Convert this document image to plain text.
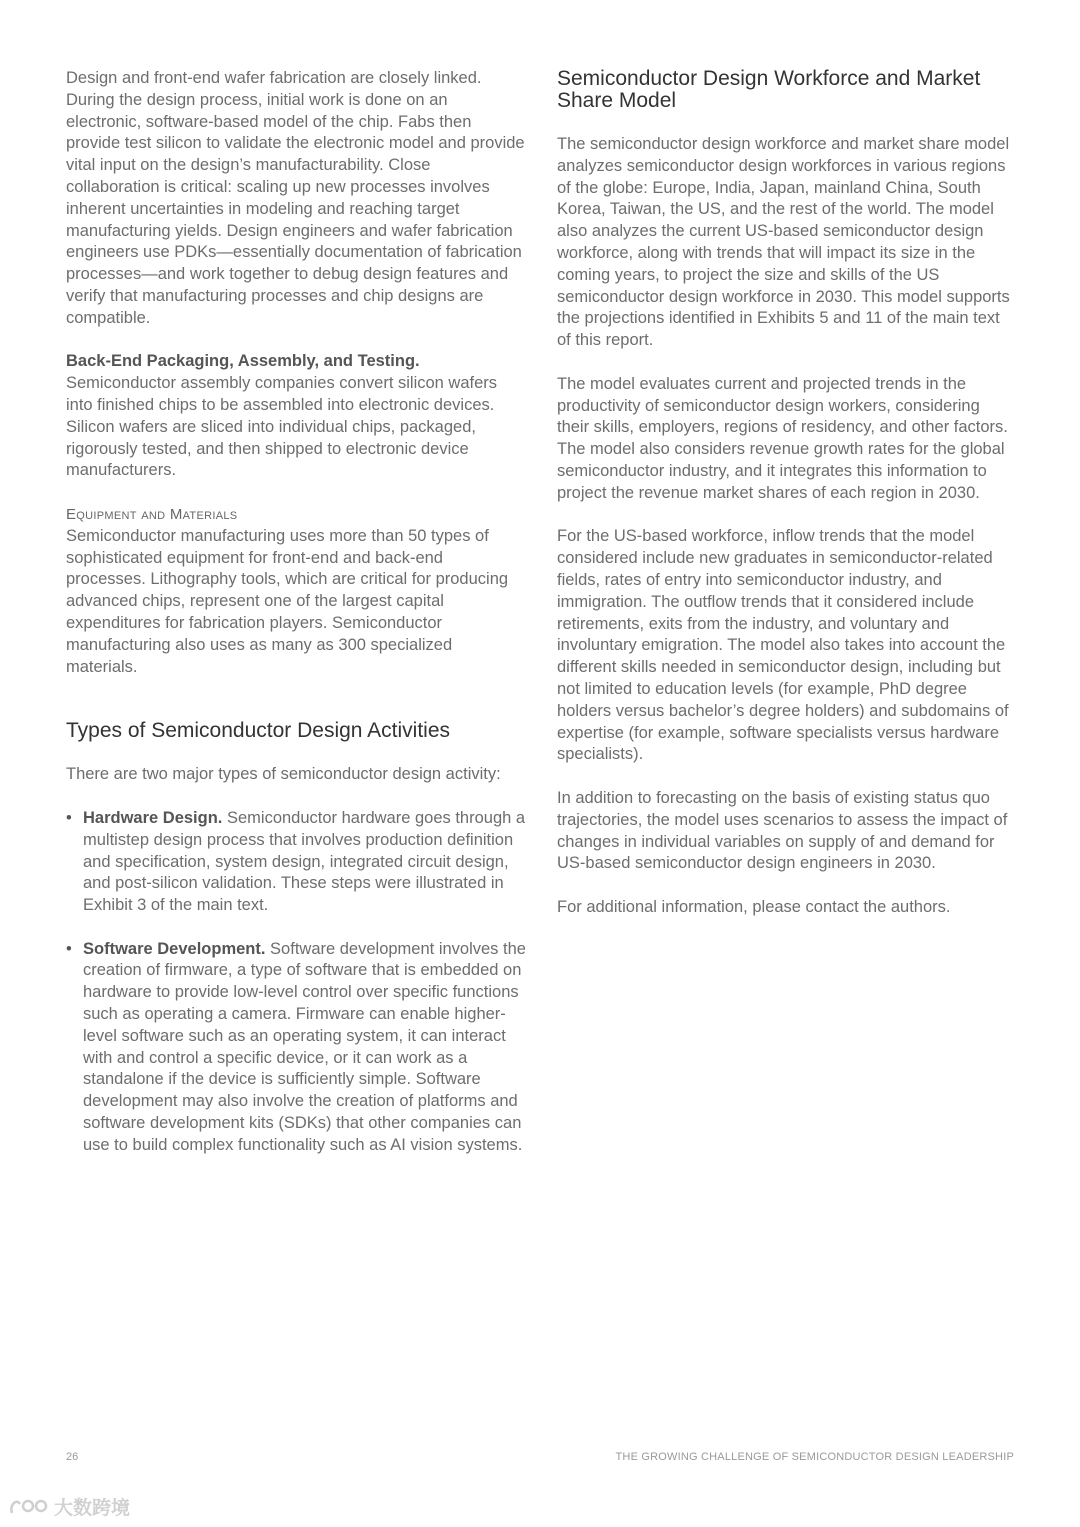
Design and front-end wafer fabrication are closely linked. During the design process, initial work is done on an electronic, software-based model of the chip. Fabs then provide test silicon to validate the electronic model and provide vital input on the design’s manufacturability. Close collaboration is critical: scaling up new processes involves inherent uncertainties in modeling and reaching target manufacturing yields. Design engineers and wafer fabrication engineers use PDKs—essentially documentation of fabrication processes—and work together to debug design features and verify that manufacturing processes and chip designs are compatible.

Back-End Packaging, Assembly, and Testing. Semiconductor assembly companies convert silicon wafers into finished chips to be assembled into electronic devices. Silicon wafers are sliced into individual chips, packaged, rigorously tested, and then shipped to electronic device manufacturers.

Equipment and Materials

Semiconductor manufacturing uses more than 50 types of sophisticated equipment for front-end and back-end processes. Lithography tools, which are critical for producing advanced chips, represent one of the largest capital expenditures for fabrication players. Semiconductor manufacturing also uses as many as 300 specialized materials.

Types of Semiconductor Design Activities

There are two major types of semiconductor design activity:

• Hardware Design. Semiconductor hardware goes through a multistep design process that involves production definition and specification, system design, integrated circuit design, and post-silicon validation. These steps were illustrated in Exhibit 3 of the main text.
• Software Development. Software development involves the creation of firmware, a type of software that is embedded on hardware to provide low-level control over specific functions such as operating a camera. Firmware can enable higher-level software such as an operating system, it can interact with and control a specific device, or it can work as a standalone if the device is sufficiently simple. Software development may also involve the creation of platforms and software development kits (SDKs) that other companies can use to build complex functionality such as AI vision systems.
Semiconductor Design Workforce and Market Share Model

The semiconductor design workforce and market share model analyzes semiconductor design workforces in various regions of the globe: Europe, India, Japan, mainland China, South Korea, Taiwan, the US, and the rest of the world. The model also analyzes the current US-based semiconductor design workforce, along with trends that will impact its size in the coming years, to project the size and skills of the US semiconductor design workforce in 2030. This model supports the projections identified in Exhibits 5 and 11 of the main text of this report.

The model evaluates current and projected trends in the productivity of semiconductor design workers, considering their skills, employers, regions of residency, and other factors. The model also considers revenue growth rates for the global semiconductor industry, and it integrates this information to project the revenue market shares of each region in 2030.

For the US-based workforce, inflow trends that the model considered include new graduates in semiconductor-related fields, rates of entry into semiconductor industry, and immigration. The outflow trends that it considered include retirements, exits from the industry, and voluntary and involuntary emigration. The model also takes into account the different skills needed in semiconductor design, including but not limited to education levels (for example, PhD degree holders versus bachelor’s degree holders) and subdomains of expertise (for example, software specialists versus hardware specialists).

In addition to forecasting on the basis of existing status quo trajectories, the model uses scenarios to assess the impact of changes in individual variables on supply of and demand for US-based semiconductor design engineers in 2030.

For additional information, please contact the authors.

26	THE GROWING CHALLENGE OF SEMICONDUCTOR DESIGN LEADERSHIP
大数跨境
